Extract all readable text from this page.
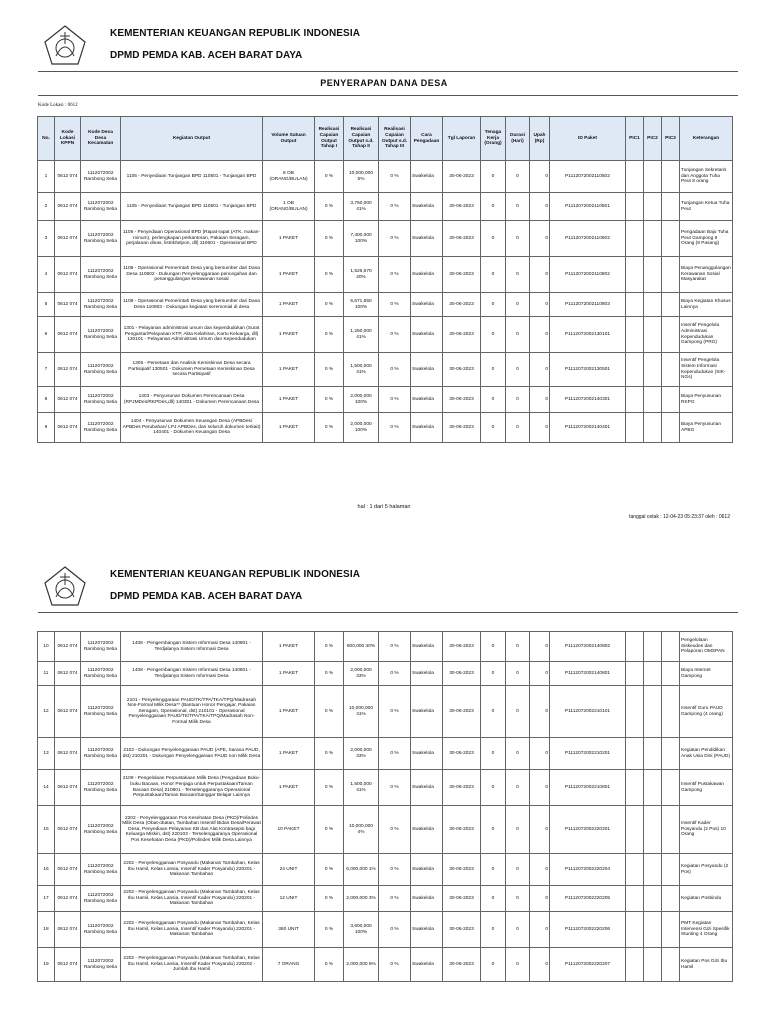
KEMENTERIAN KEUANGAN REPUBLIK INDONESIA
DPMD PEMDA KAB. ACEH BARAT DAYA
PENYERAPAN DANA DESA
Kode Lokasi : 0612
No.	Kode Lokasi KPPN	Kode Desa Desa Kecamatan	Kegiatan Output	Volume Satuan Output	Realisasi Capaian Output Tahap I	Realisasi Capaian Output s.d. Tahap II	Realisasi Capaian Output s.d. Tahap III	Cara Pengadaan	Tgl Laporan	Tenaga Kerja (Orang)	Durasi (Hari)	Upah (Rp)	ID Paket	PIC1	PIC2	PIC3	Keterangan
1	0612 074	1112072002 Rambong Setia	1105 - Penyediaan Tunjangan BPD 110501 - Tunjangan BPD	8 OB (ORANG/BULAN)	0 %	10,000,000 5%	0 %	Swakelola	30-06-2023	0	0	0	P1112072002110502				Tunjangan Sekretaris dan Anggota Tuha Peut 8 orang
2	0612 074	1112072002 Rambong Setia	1105 - Penyediaan Tunjangan BPD 110501 - Tunjangan BPD	1 OB (ORANG/BULAN)	0 %	3,750,000 41%	0 %	Swakelola	30-06-2023	0	0	0	P1112072002110501				Tunjangan Ketua Tuha Peut
3	0612 074	1112072002 Rambong Setia	1106 - Penyediaan Operasional BPD (Rapat-rapat (ATK, makan-minum), perlengkapan perkantoran, Pakaian Seragam, perjalanan dinas, listrik/telpon, dll) 110601 - Operasional BPD	1 PAKET	0 %	7,400,000 100%	0 %	Swakelola	30-06-2023	0	0	0	P1112072002110602				Pengadaan Baju Tuha Peut Gampong 9 Orang (9 Pasang)
4	0612 074	1112072002 Rambong Setia	1108 - Operasional Pemerintah Desa yang bersumber dari Dana Desa 110802 - Dukungan Penyelenggaraan pencegahan dan penanggulangan kerawanan sosial	1 PAKET	0 %	1,526,670 20%	0 %	Swakelola	30-06-2023	0	0	0	P1112072002110802				Biaya Penanggulangan Kerawanan Sosial Masyarakat
5	0612 074	1112072002 Rambong Setia	1108 - Operasional Pemerintah Desa yang bersumber dari Dana Desa 110803 - Dukungan kegiatan seremonial di desa	1 PAKET	0 %	6,671,550 100%	0 %	Swakelola	30-06-2023	0	0	0	P1112072002110803				Biaya Kegiatan Khusus Lainnya
6	0612 074	1112072002 Rambong Setia	1301 - Pelayanan administrasi umum dan kependudukan (Surat Pengantar/Pelayanan KTP, Akta Kelahiran, Kartu Keluarga, dll) 130101 - Pelayanan Administrasi Umum dan Kependudukan	1 PAKET	0 %	1,250,000 41%	0 %	Swakelola	30-06-2023	0	0	0	P1112072002130101				Insentif Pengelola Administrasi Kependudukan Gampong (PRG)
7	0612 074	1112072002 Rambong Setia	1305 - Pemetaan dan Analisis Kemiskinan Desa secara Partisipatif 130501 - Dokumen Pemetaan Kemiskinan Desa secara Partisipatif	1 PAKET	0 %	1,500,000 41%	0 %	Swakelola	30-06-2023	0	0	0	P1112072002130501				Insentif Pengelola Sistem Informasi Kependudukan (SIK-NGs)
8	0612 074	1112072002 Rambong Setia	1403 - Penyusunan Dokumen Perencanaan Desa (RPJMDes/RKPDes,dll) 140301 - Dokumen Perencanaan Desa	1 PAKET	0 %	2,000,000 100%	0 %	Swakelola	30-06-2023	0	0	0	P1112072002140301				Biaya Penyusunan RKPG
9	0612 074	1112072002 Rambong Setia	1404 - Penyusunan Dokumen Keuangan Desa (APBDes/ APBDes Perubahan/ LPJ APBDes, dan seluruh dokumen terkait) 140401 - Dokumen Keuangan Desa	1 PAKET	0 %	2,000,000 100%	0 %	Swakelola	30-06-2023	0	0	0	P1112072002140401				Biaya Penyusunan APBG
hal : 1 dari 5 halaman
tanggal cetak : 12-04-23 05:23:37 oleh : 0612
KEMENTERIAN KEUANGAN REPUBLIK INDONESIA
DPMD PEMDA KAB. ACEH BARAT DAYA
10	0612 074	1112072002 Rambong Setia	1408 - Pengembangan Sistem Informasi Desa 140801 - Terdjalanya Sistem Informasi Desa	1 PAKET	0 %	800,000 40%	0 %	Swakelola	30-06-2023	0	0	0	P1112072002140802				Pengelolaan Siskeudes dan Pelaporan OMSPAN
11	0612 074	1112072002 Rambong Setia	1408 - Pengembangan Sistem Informasi Desa 140801 - Terdjalanya Sistem Informasi Desa	1 PAKET	0 %	2,000,000 33%	0 %	Swakelola	30-06-2023	0	0	0	P1112072002140801				Biaya Internet Gampong
12	0612 074	1112072002 Rambong Setia	2101 - Penyelenggaraan PAUD/TK/TPA/TKA/TPQ/Madrasah Non-Formal Milik Desa** (Bantuan Honor Pengajar, Pakaian Seragam, Operasional, dst) 210101 - Operasional Penyelenggaraan PAUD/TK/TPA/TKA/TPQ/Madrasah Non-Formal Milik Desa	1 PAKET	0 %	10,000,000 41%	0 %	Swakelola	30-06-2023	0	0	0	P1112072002210101				Insentif Guru PAUD Gampong (4 orang)
13	0612 074	1112072002 Rambong Setia	2102 - Dukungan Penyelenggaraan PAUD (APE, Sarana PAUD, dst) 210201 - Dukungan Penyelenggaraan PAUD non Milik Desa	1 PAKET	0 %	2,000,000 33%	0 %	Swakelola	30-06-2023	0	0	0	P1112072002210201				Kegiatan Pendidikan Anak Usia Dini (PAUD)
14	0612 074	1112072002 Rambong Setia	2108 - Pengelolaan Perpustakaan Milik Desa (Pengadaan Buku-buku Bacaan, Honor Penjaga untuk Perpustakaan/Taman Bacaan Desa) 210801 - Terselenggaranya Operasional Perpustakaan/Taman Bacaan/Sanggar Belajar Lainnya	1 PAKET	0 %	1,500,000 41%	0 %	Swakelola	30-06-2023	0	0	0	P1112072002210801				Insentif Pustakawan Gampong
15	0612 074	1112072002 Rambong Setia	2202 - Penyelenggaraan Pos Kesehatan Desa (PKD)/Polindes Milik Desa (Obat-obatan, Tambahan Insentif Bidan Desa/Perawat Desa, Penyediaan Pelayanan KB dan Alat Kontrasepsi bagi Keluarga Miskin, dst) 220103 - Terselenggaranya Operasional Pos Kesehatan Desa (PKD)/Polindes Milik Desa Lainnya	10 PAKET	0 %	10,000,000 4%	0 %	Swakelola	30-06-2023	0	0	0	P1112072002220201				Insentif Kader Posyandu (2 Pos) 10 Orang
16	0612 074	1112072002 Rambong Setia	2202 - Penyelenggaraan Posyandu (Makanan Tambahan, Kelas Ibu Hamil, Kelas Lansia, Insentif Kader Posyandu) 220201 - Makanan Tambahan	24 UNIT	0 %	6,000,000 1%	0 %	Swakelola	30-06-2023	0	0	0	P1112072002220204				Kegiatan Posyandu (2 Pos)
17	0612 074	1112072002 Rambong Setia	2202 - Penyelenggaraan Posyandu (Makanan Tambahan, Kelas Ibu Hamil, Kelas Lansia, Insentif Kader Posyandu) 220201 - Makanan Tambahan	12 UNIT	0 %	2,000,000 3%	0 %	Swakelola	30-06-2023	0	0	0	P1112072002220205				Kegiatan Posbindu
18	0612 074	1112072002 Rambong Setia	2202 - Penyelenggaraan Posyandu (Makanan Tambahan, Kelas Ibu Hamil, Kelas Lansia, Insentif Kader Posyandu) 220201 - Makanan Tambahan	360 UNIT	0 %	3,600,000 100%	0 %	Swakelola	30-06-2023	0	0	0	P1112072002220206				PMT Kegiatan Intervensi Gizi Spesifik Stunting 4 Orang
19	0612 074	1112072002 Rambong Setia	2202 - Penyelenggaraan Posyandu (Makanan Tambahan, Kelas Ibu Hamil, Kelas Lansia, Insentif Kader Posyandu) 220202 - Jumlah Ibu Hamil	7 ORANG	0 %	2,000,000 5%	0 %	Swakelola	30-06-2023	0	0	0	P1112072002220207				Kegiatan Pos Gizi Ibu Hamil
